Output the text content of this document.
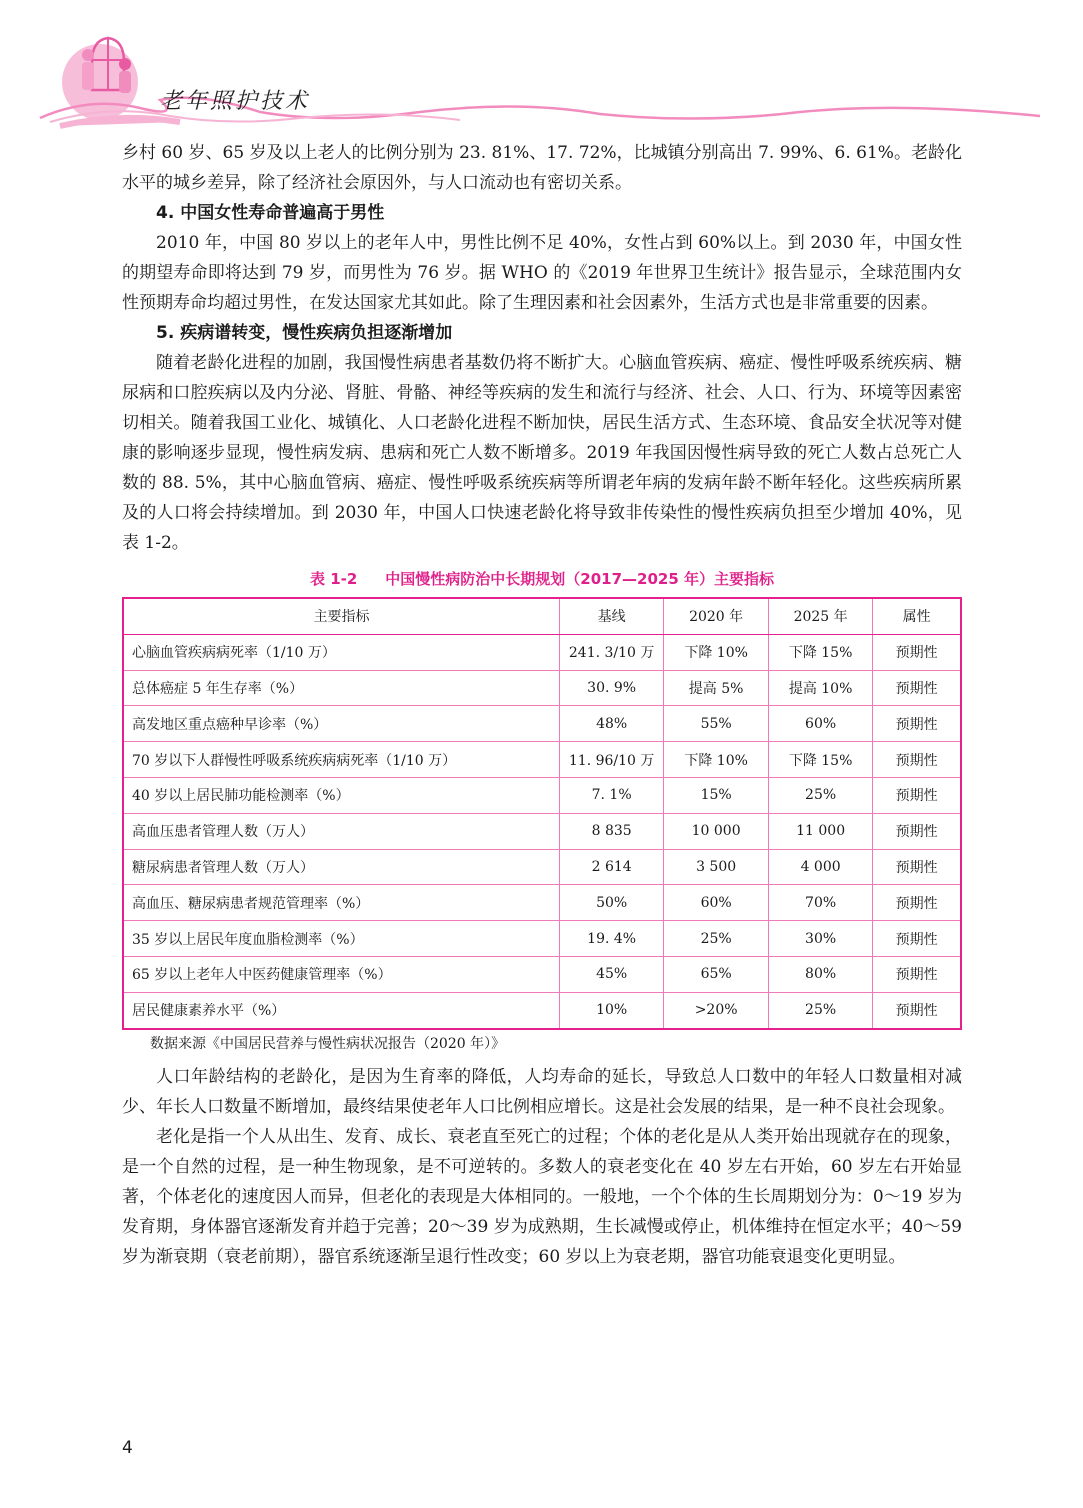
老年照护技术

乡村 60 岁、65 岁及以上老人的比例分别为 23. 81%、17. 72%，比城镇分别高出 7. 99%、6. 61%。老龄化水平的城乡差异，除了经济社会原因外，与人口流动也有密切关系。

4. 中国女性寿命普遍高于男性

2010 年，中国 80 岁以上的老年人中，男性比例不足 40%，女性占到 60%以上。到 2030 年，中国女性的期望寿命即将达到 79 岁，而男性为 76 岁。据 WHO 的《2019 年世界卫生统计》报告显示，全球范围内女性预期寿命均超过男性，在发达国家尤其如此。除了生理因素和社会因素外，生活方式也是非常重要的因素。

5. 疾病谱转变，慢性疾病负担逐渐增加

随着老龄化进程的加剧，我国慢性病患者基数仍将不断扩大。心脑血管疾病、癌症、慢性呼吸系统疾病、糖尿病和口腔疾病以及内分泌、肾脏、骨骼、神经等疾病的发生和流行与经济、社会、人口、行为、环境等因素密切相关。随着我国工业化、城镇化、人口老龄化进程不断加快，居民生活方式、生态环境、食品安全状况等对健康的影响逐步显现，慢性病发病、患病和死亡人数不断增多。2019 年我国因慢性病导致的死亡人数占总死亡人数的 88. 5%，其中心脑血管病、癌症、慢性呼吸系统疾病等所谓老年病的发病年龄不断年轻化。这些疾病所累及的人口将会持续增加。到 2030 年，中国人口快速老龄化将导致非传染性的慢性疾病负担至少增加 40%，见表 1-2。

表 1-2 中国慢性病防治中长期规划（2017—2025 年）主要指标
主要指标	基线	2020 年	2025 年	属性
心脑血管疾病病死率（1/10 万）	241. 3/10 万	下降 10%	下降 15%	预期性
总体癌症 5 年生存率（%）	30. 9%	提高 5%	提高 10%	预期性
高发地区重点癌种早诊率（%）	48%	55%	60%	预期性
70 岁以下人群慢性呼吸系统疾病病死率（1/10 万）	11. 96/10 万	下降 10%	下降 15%	预期性
40 岁以上居民肺功能检测率（%）	7. 1%	15%	25%	预期性
高血压患者管理人数（万人）	8 835	10 000	11 000	预期性
糖尿病患者管理人数（万人）	2 614	3 500	4 000	预期性
高血压、糖尿病患者规范管理率（%）	50%	60%	70%	预期性
35 岁以上居民年度血脂检测率（%）	19. 4%	25%	30%	预期性
65 岁以上老年人中医药健康管理率（%）	45%	65%	80%	预期性
居民健康素养水平（%）	10%	>20%	25%	预期性
数据来源《中国居民营养与慢性病状况报告（2020 年）》

人口年龄结构的老龄化，是因为生育率的降低，人均寿命的延长，导致总人口数中的年轻人口数量相对减少、年长人口数量不断增加，最终结果使老年人口比例相应增长。这是社会发展的结果，是一种不良社会现象。

老化是指一个人从出生、发育、成长、衰老直至死亡的过程；个体的老化是从人类开始出现就存在的现象，是一个自然的过程，是一种生物现象，是不可逆转的。多数人的衰老变化在 40 岁左右开始，60 岁左右开始显著，个体老化的速度因人而异，但老化的表现是大体相同的。一般地，一个个体的生长周期划分为：0～19 岁为发育期，身体器官逐渐发育并趋于完善；20～39 岁为成熟期，生长减慢或停止，机体维持在恒定水平；40～59 岁为渐衰期（衰老前期），器官系统逐渐呈退行性改变；60 岁以上为衰老期，器官功能衰退变化更明显。

4
